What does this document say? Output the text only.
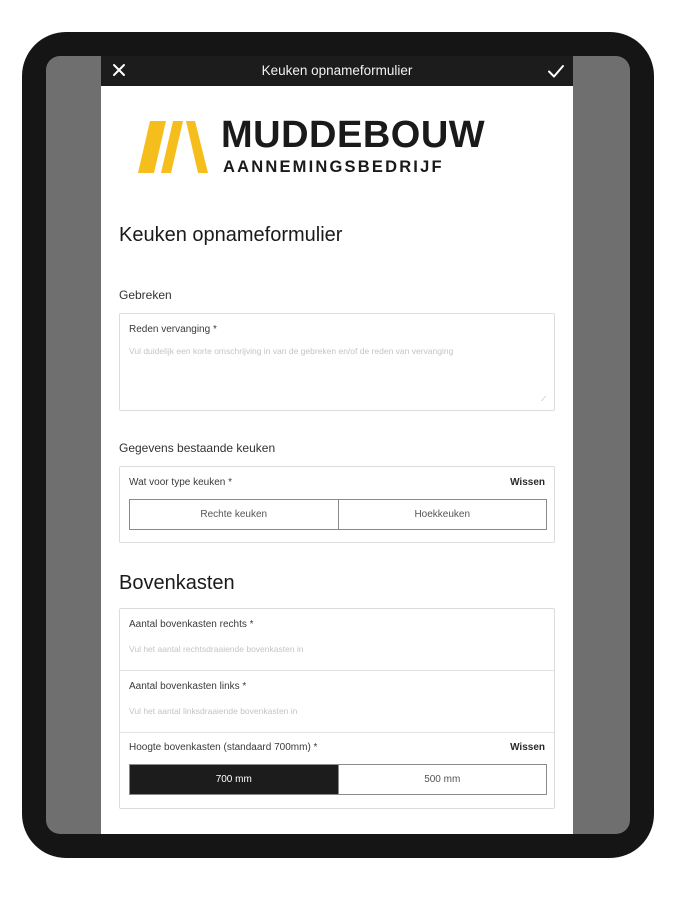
Keuken opnameformulier
MUDDEBOUW
AANNEMINGSBEDRIJF
Keuken opnameformulier
Gebreken
Reden vervanging *
Vul duidelijk een korte omschrijving in van de gebreken en/of de reden van vervanging
⟋
Gegevens bestaande keuken
Wat voor type keuken *	Wissen
Rechte keuken	Hoekkeuken
Bovenkasten
Aantal bovenkasten rechts *
Vul het aantal rechtsdraaiende bovenkasten in
Aantal bovenkasten links *
Vul het aantal linksdraaiende bovenkasten in
Hoogte bovenkasten (standaard 700mm) *	Wissen
700 mm	500 mm
